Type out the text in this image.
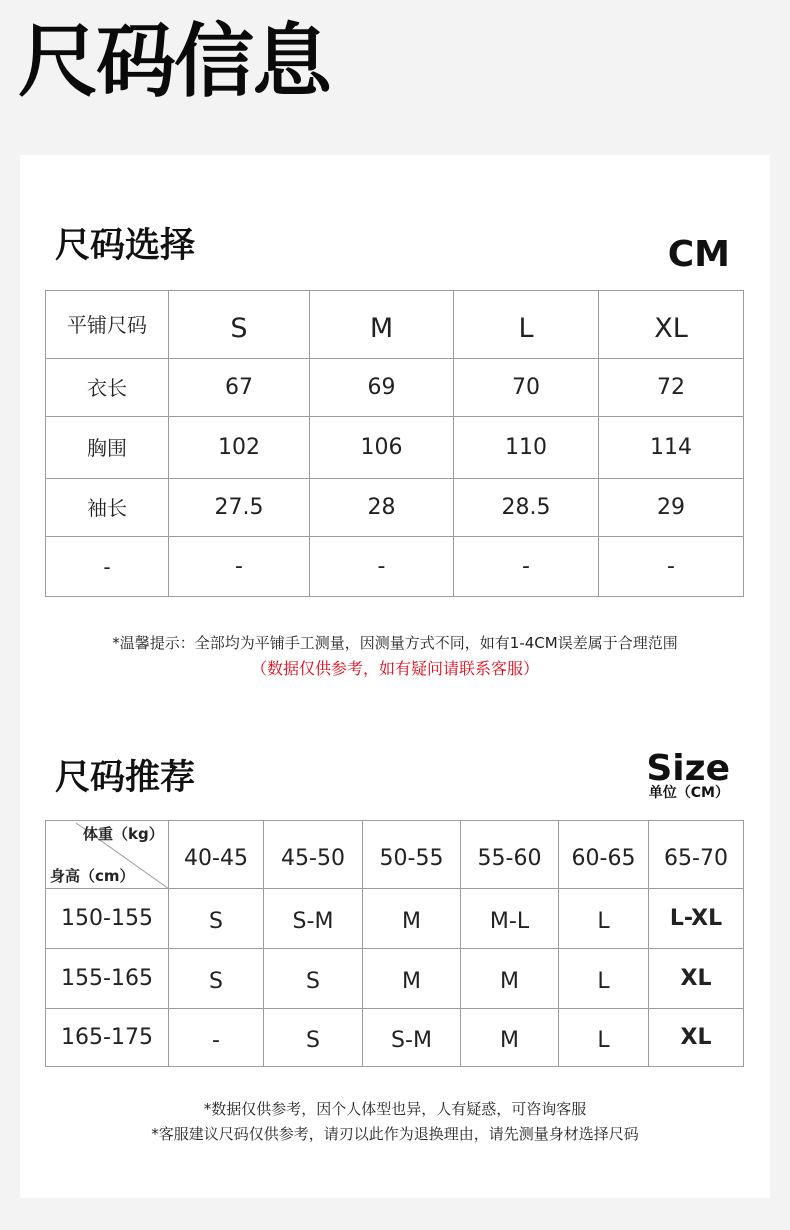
尺码信息
尺码选择	CM
平铺尺码	S	M	L	XL
衣长	67	69	70	72
胸围	102	106	110	114
袖长	27.5	28	28.5	29
-	-	-	-	-
*温馨提示：全部均为平铺手工测量，因测量方式不同，如有1-4CM误差属于合理范围
（数据仅供参考，如有疑问请联系客服）
尺码推荐	Size
单位（CM）
体重（kg）
身高（cm）	40-45	45-50	50-55	55-60	60-65	65-70
150-155	S	S-M	M	M-L	L	L-XL
155-165	S	S	M	M	L	XL
165-175	-	S	S-M	M	L	XL
*数据仅供参考，因个人体型也异，人有疑惑，可咨询客服
*客服建议尺码仅供参考，请刃以此作为退换理由，请先测量身材选择尺码
